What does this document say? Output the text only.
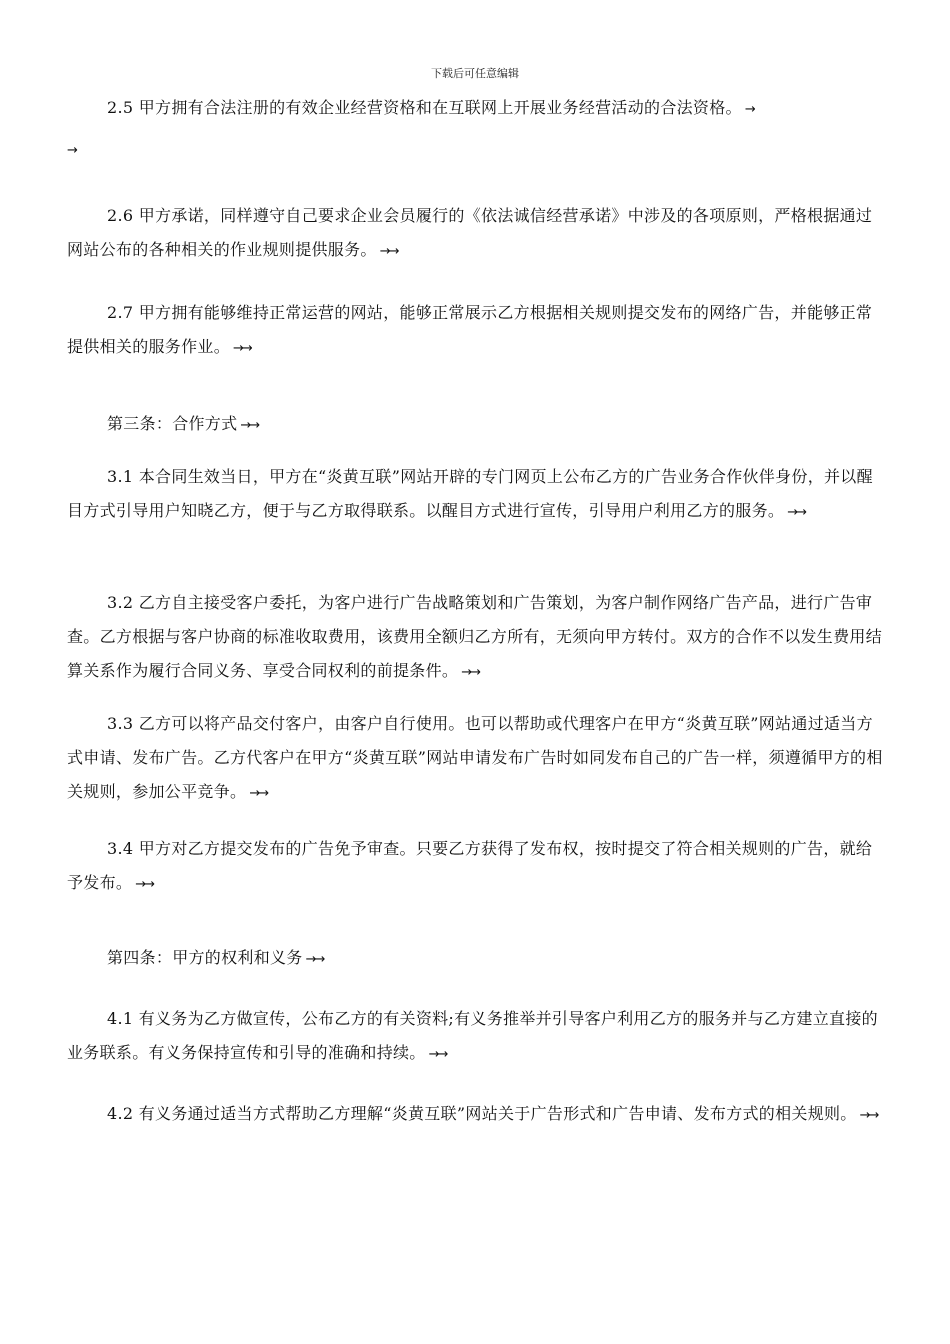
下载后可任意编辑
2.5 甲方拥有合法注册的有效企业经营资格和在互联网上开展业务经营活动的合法资格。 →
→
2.6 甲方承诺，同样遵守自己要求企业会员履行的《依法诚信经营承诺》中涉及的各项原则，严格根据通过网站公布的各种相关的作业规则提供服务。 →→
2.7 甲方拥有能够维持正常运营的网站，能够正常展示乙方根据相关规则提交发布的网络广告，并能够正常提供相关的服务作业。 →→
第三条：合作方式 →→
3.1 本合同生效当日，甲方在“炎黄互联”网站开辟的专门网页上公布乙方的广告业务合作伙伴身份，并以醒目方式引导用户知晓乙方，便于与乙方取得联系。以醒目方式进行宣传，引导用户利用乙方的服务。 →→
3.2 乙方自主接受客户委托，为客户进行广告战略策划和广告策划，为客户制作网络广告产品，进行广告审查。乙方根据与客户协商的标准收取费用，该费用全额归乙方所有，无须向甲方转付。双方的合作不以发生费用结算关系作为履行合同义务、享受合同权利的前提条件。 →→
3.3 乙方可以将产品交付客户，由客户自行使用。也可以帮助或代理客户在甲方“炎黄互联”网站通过适当方式申请、发布广告。乙方代客户在甲方“炎黄互联”网站申请发布广告时如同发布自己的广告一样，须遵循甲方的相关规则，参加公平竞争。 →→
3.4 甲方对乙方提交发布的广告免予审查。只要乙方获得了发布权，按时提交了符合相关规则的广告，就给予发布。 →→
第四条：甲方的权利和义务 →→
4.1 有义务为乙方做宣传，公布乙方的有关资料;有义务推举并引导客户利用乙方的服务并与乙方建立直接的业务联系。有义务保持宣传和引导的准确和持续。 →→
4.2 有义务通过适当方式帮助乙方理解“炎黄互联”网站关于广告形式和广告申请、发布方式的相关规则。 →→
